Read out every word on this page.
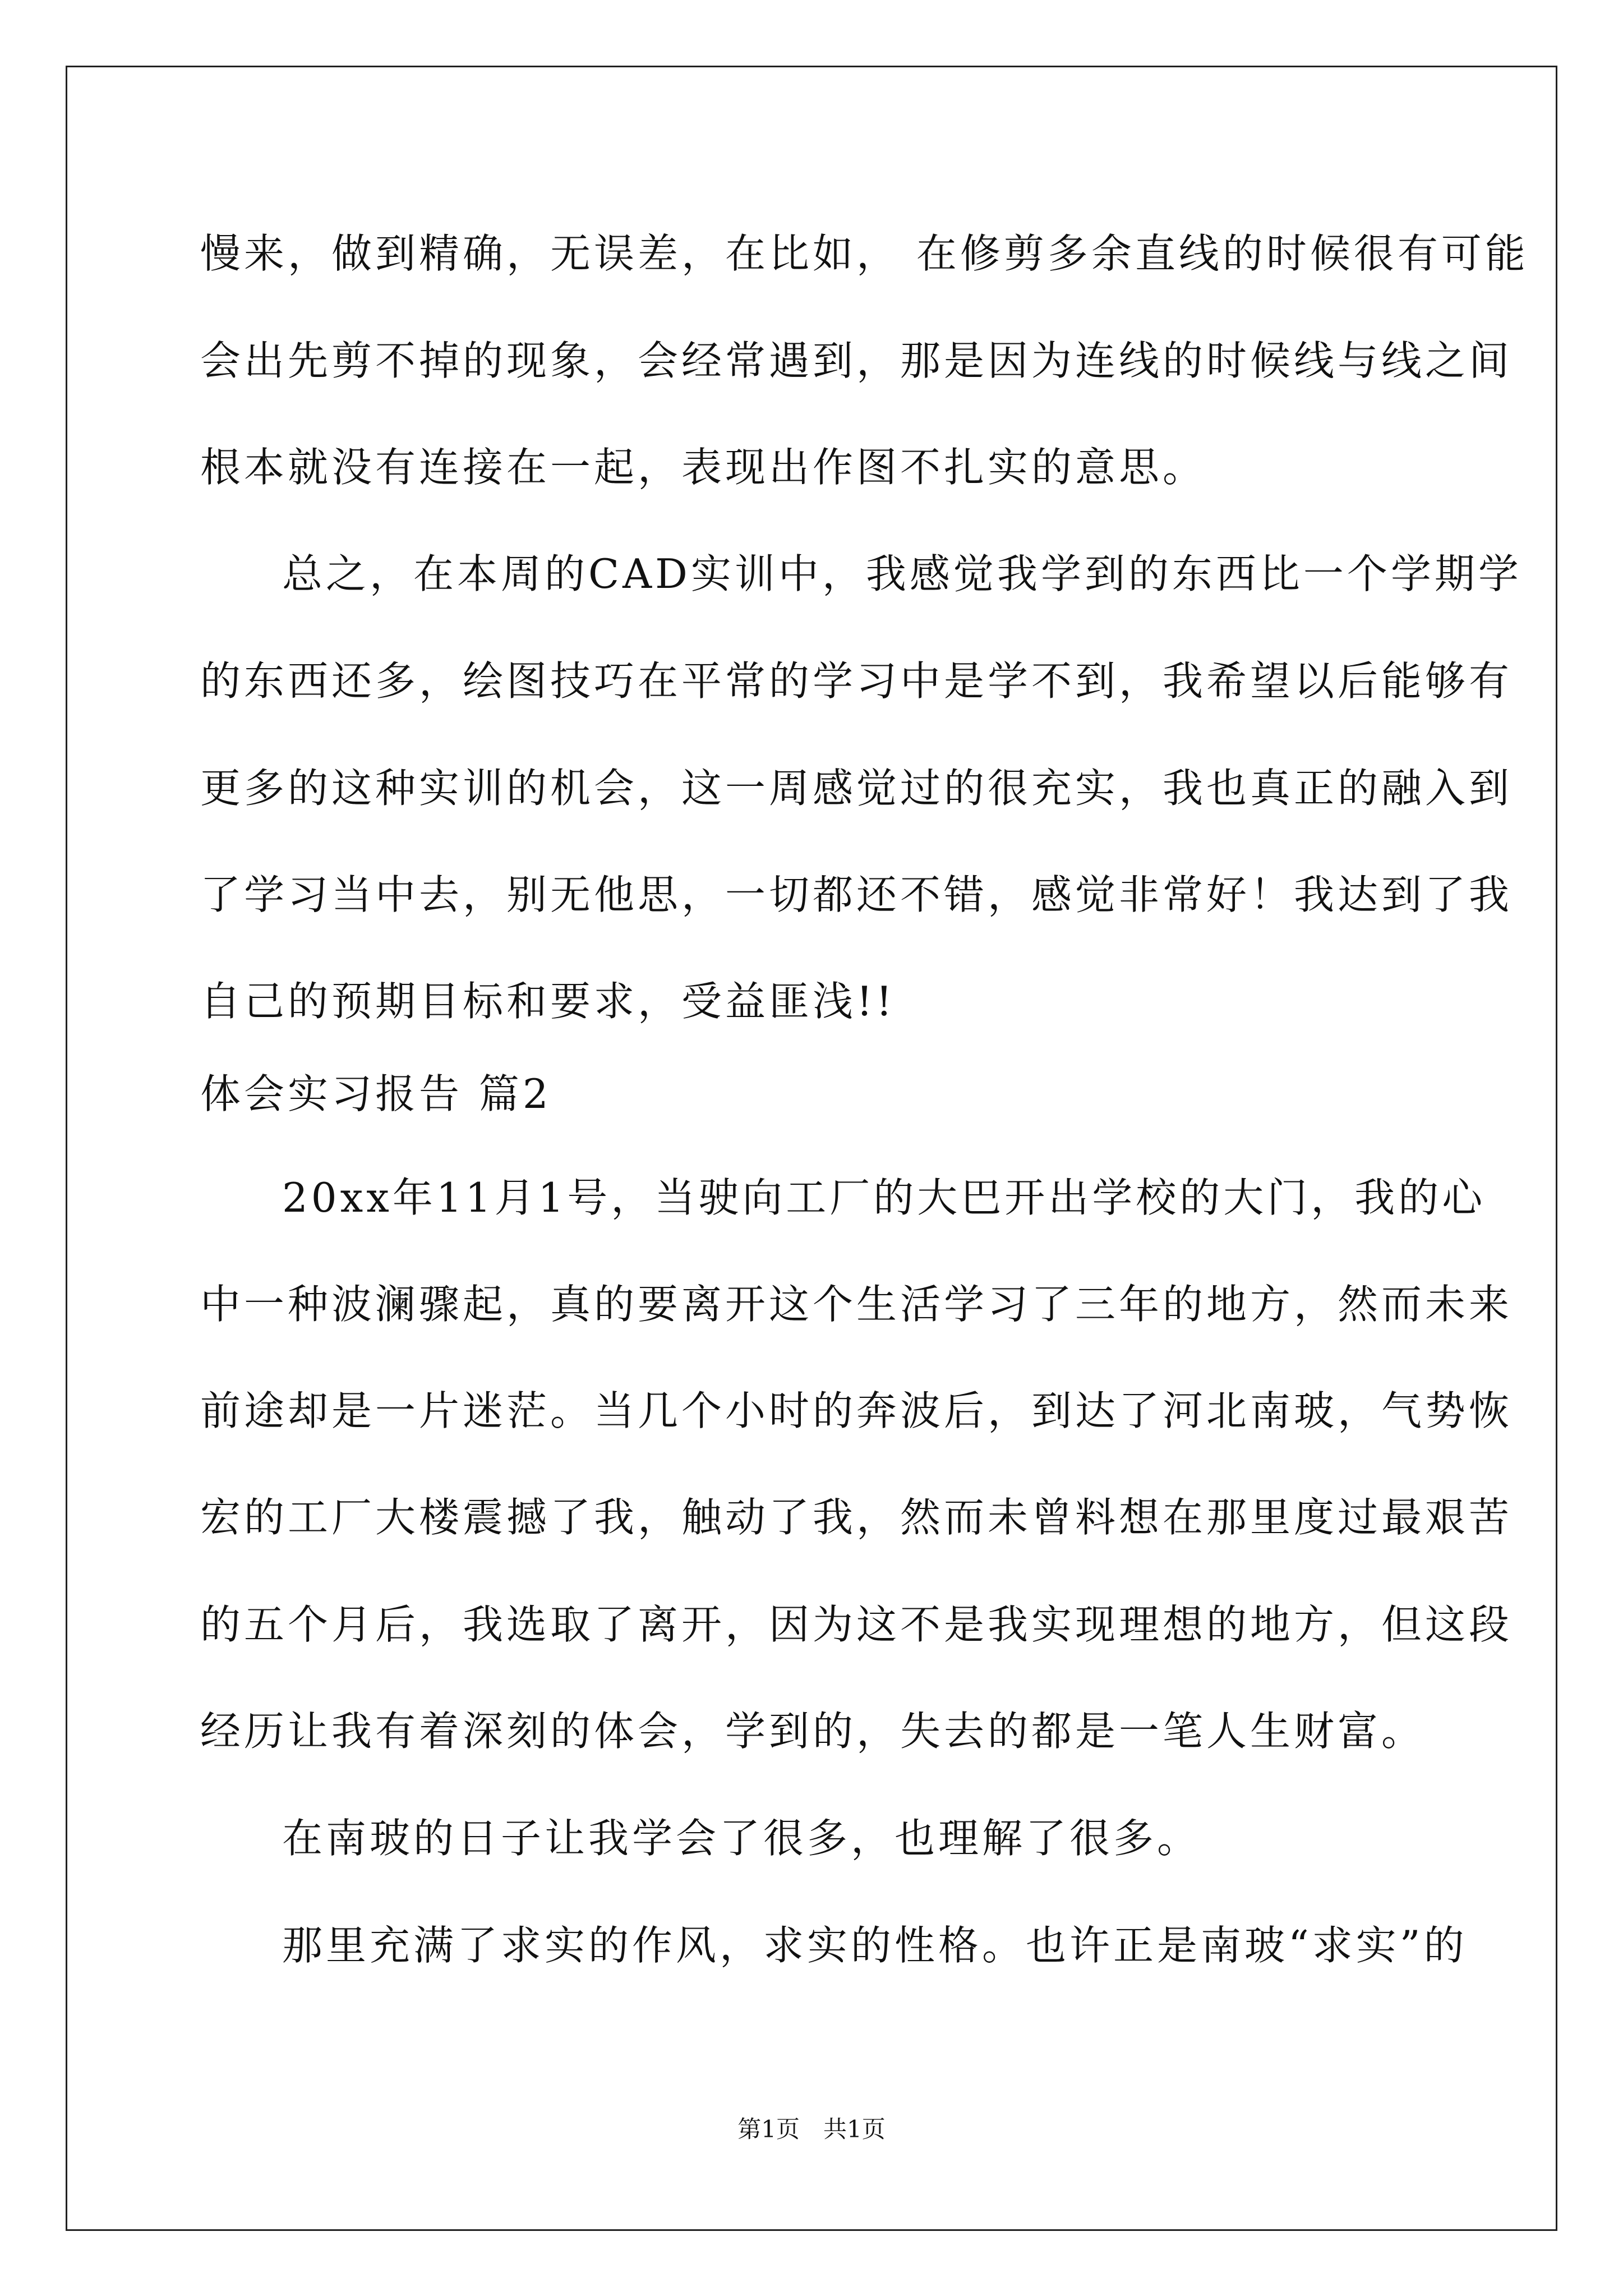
慢来，做到精确，无误差，在比如， 在修剪多余直线的时候很有可能
会出先剪不掉的现象，会经常遇到，那是因为连线的时候线与线之间
根本就没有连接在一起，表现出作图不扎实的意思。
总之，在本周的CAD实训中，我感觉我学到的东西比一个学期学
的东西还多，绘图技巧在平常的学习中是学不到，我希望以后能够有
更多的这种实训的机会，这一周感觉过的很充实，我也真正的融入到
了学习当中去，别无他思，一切都还不错，感觉非常好！我达到了我
自己的预期目标和要求，受益匪浅!!
体会实习报告 篇2
20xx年11月1号，当驶向工厂的大巴开出学校的大门，我的心
中一种波澜骤起，真的要离开这个生活学习了三年的地方，然而未来
前途却是一片迷茫。当几个小时的奔波后，到达了河北南玻，气势恢
宏的工厂大楼震撼了我，触动了我，然而未曾料想在那里度过最艰苦
的五个月后，我选取了离开，因为这不是我实现理想的地方，但这段
经历让我有着深刻的体会，学到的，失去的都是一笔人生财富。
在南玻的日子让我学会了很多，也理解了很多。
那里充满了求实的作风，求实的性格。也许正是南玻“求实”的
第1页　共1页
